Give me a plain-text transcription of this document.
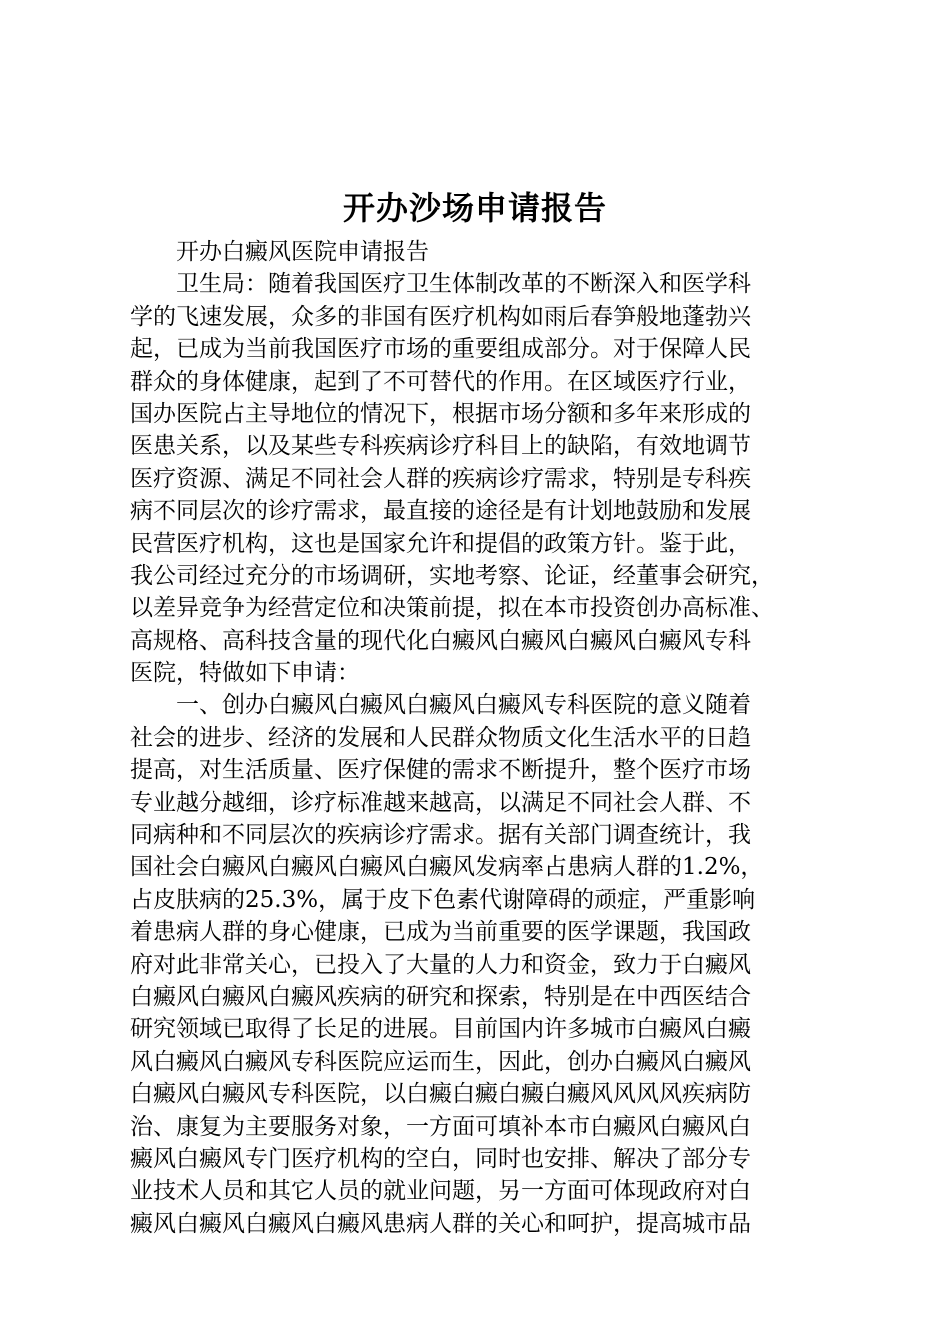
开办沙场申请报告
开办白癜风医院申请报告
卫生局：随着我国医疗卫生体制改革的不断深入和医学科
学的飞速发展，众多的非国有医疗机构如雨后春笋般地蓬勃兴
起，已成为当前我国医疗市场的重要组成部分。对于保障人民
群众的身体健康，起到了不可替代的作用。在区域医疗行业，
国办医院占主导地位的情况下，根据市场分额和多年来形成的
医患关系，以及某些专科疾病诊疗科目上的缺陷，有效地调节
医疗资源、满足不同社会人群的疾病诊疗需求，特别是专科疾
病不同层次的诊疗需求，最直接的途径是有计划地鼓励和发展
民营医疗机构，这也是国家允许和提倡的政策方针。鉴于此，
我公司经过充分的市场调研，实地考察、论证，经董事会研究，
以差异竞争为经营定位和决策前提，拟在本市投资创办高标准、
高规格、高科技含量的现代化白癜风白癜风白癜风白癜风专科
医院，特做如下申请：
一、创办白癜风白癜风白癜风白癜风专科医院的意义随着
社会的进步、经济的发展和人民群众物质文化生活水平的日趋
提高，对生活质量、医疗保健的需求不断提升，整个医疗市场
专业越分越细，诊疗标准越来越高，以满足不同社会人群、不
同病种和不同层次的疾病诊疗需求。据有关部门调查统计，我
国社会白癜风白癜风白癜风白癜风发病率占患病人群的1.2%，
占皮肤病的25.3%，属于皮下色素代谢障碍的顽症，严重影响
着患病人群的身心健康，已成为当前重要的医学课题，我国政
府对此非常关心，已投入了大量的人力和资金，致力于白癜风
白癜风白癜风白癜风疾病的研究和探索，特别是在中西医结合
研究领域已取得了长足的进展。目前国内许多城市白癜风白癜
风白癜风白癜风专科医院应运而生，因此，创办白癜风白癜风
白癜风白癜风专科医院，以白癜白癜白癜白癜风风风风疾病防
治、康复为主要服务对象，一方面可填补本市白癜风白癜风白
癜风白癜风专门医疗机构的空白，同时也安排、解决了部分专
业技术人员和其它人员的就业问题，另一方面可体现政府对白
癜风白癜风白癜风白癜风患病人群的关心和呵护，提高城市品
